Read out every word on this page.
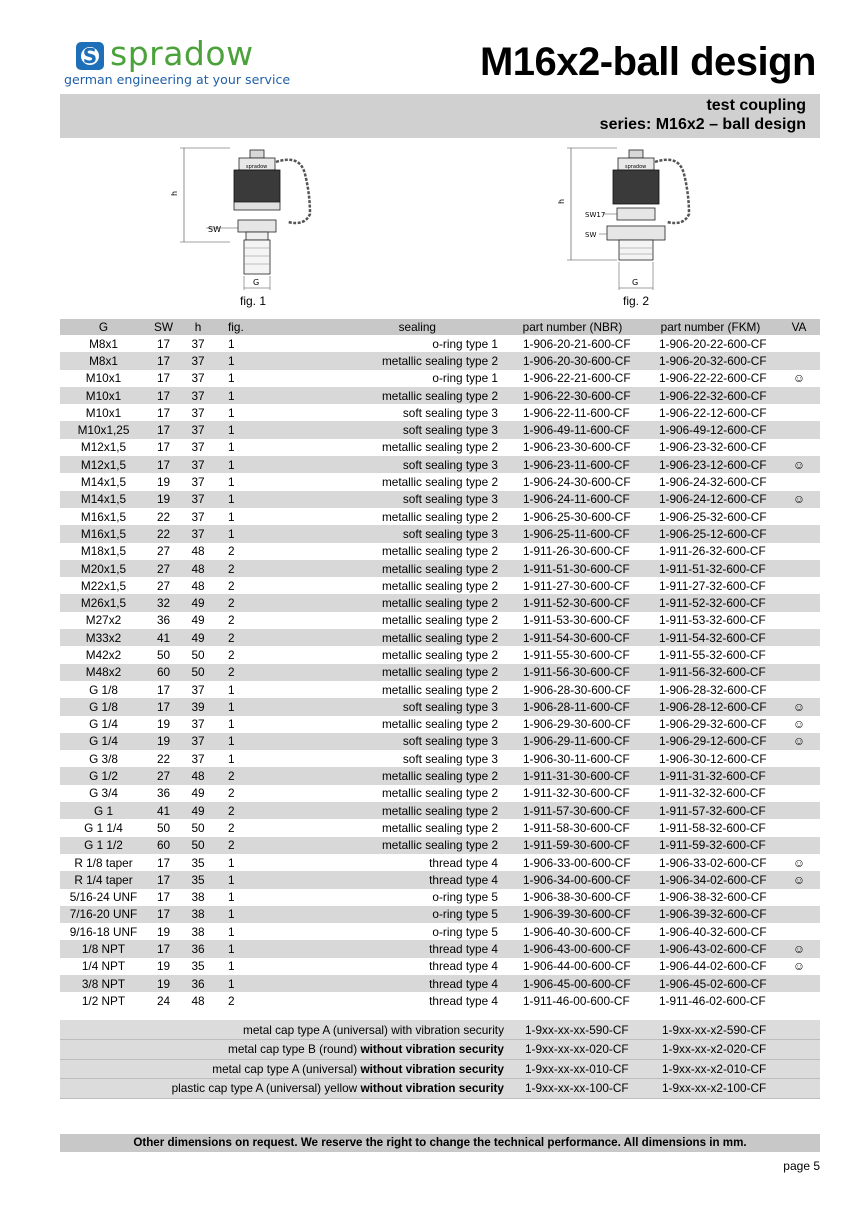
S
spradow
german engineering at your service	M16x2-ball design
test coupling
series: M16x2 – ball design
h
spradow
SW
G
fig. 1
h
spradow
SW17
SW
G
fig. 2
G	SW	h	fig.	sealing	part number (NBR)	part number (FKM)	VA
M8x1	17	37	1	o-ring type 1	1-906-20-21-600-CF	1-906-20-22-600-CF	
M8x1	17	37	1	metallic sealing type 2	1-906-20-30-600-CF	1-906-20-32-600-CF	
M10x1	17	37	1	o-ring type 1	1-906-22-21-600-CF	1-906-22-22-600-CF	☺
M10x1	17	37	1	metallic sealing type 2	1-906-22-30-600-CF	1-906-22-32-600-CF	
M10x1	17	37	1	soft sealing type 3	1-906-22-11-600-CF	1-906-22-12-600-CF	
M10x1,25	17	37	1	soft sealing type 3	1-906-49-11-600-CF	1-906-49-12-600-CF	
M12x1,5	17	37	1	metallic sealing type 2	1-906-23-30-600-CF	1-906-23-32-600-CF	
M12x1,5	17	37	1	soft sealing type 3	1-906-23-11-600-CF	1-906-23-12-600-CF	☺
M14x1,5	19	37	1	metallic sealing type 2	1-906-24-30-600-CF	1-906-24-32-600-CF	
M14x1,5	19	37	1	soft sealing type 3	1-906-24-11-600-CF	1-906-24-12-600-CF	☺
M16x1,5	22	37	1	metallic sealing type 2	1-906-25-30-600-CF	1-906-25-32-600-CF	
M16x1,5	22	37	1	soft sealing type 3	1-906-25-11-600-CF	1-906-25-12-600-CF	
M18x1,5	27	48	2	metallic sealing type 2	1-911-26-30-600-CF	1-911-26-32-600-CF	
M20x1,5	27	48	2	metallic sealing type 2	1-911-51-30-600-CF	1-911-51-32-600-CF	
M22x1,5	27	48	2	metallic sealing type 2	1-911-27-30-600-CF	1-911-27-32-600-CF	
M26x1,5	32	49	2	metallic sealing type 2	1-911-52-30-600-CF	1-911-52-32-600-CF	
M27x2	36	49	2	metallic sealing type 2	1-911-53-30-600-CF	1-911-53-32-600-CF	
M33x2	41	49	2	metallic sealing type 2	1-911-54-30-600-CF	1-911-54-32-600-CF	
M42x2	50	50	2	metallic sealing type 2	1-911-55-30-600-CF	1-911-55-32-600-CF	
M48x2	60	50	2	metallic sealing type 2	1-911-56-30-600-CF	1-911-56-32-600-CF	
G 1/8	17	37	1	metallic sealing type 2	1-906-28-30-600-CF	1-906-28-32-600-CF	
G 1/8	17	39	1	soft sealing type 3	1-906-28-11-600-CF	1-906-28-12-600-CF	☺
G 1/4	19	37	1	metallic sealing type 2	1-906-29-30-600-CF	1-906-29-32-600-CF	☺
G 1/4	19	37	1	soft sealing type 3	1-906-29-11-600-CF	1-906-29-12-600-CF	☺
G 3/8	22	37	1	soft sealing type 3	1-906-30-11-600-CF	1-906-30-12-600-CF	
G 1/2	27	48	2	metallic sealing type 2	1-911-31-30-600-CF	1-911-31-32-600-CF	
G 3/4	36	49	2	metallic sealing type 2	1-911-32-30-600-CF	1-911-32-32-600-CF	
G 1	41	49	2	metallic sealing type 2	1-911-57-30-600-CF	1-911-57-32-600-CF	
G 1 1/4	50	50	2	metallic sealing type 2	1-911-58-30-600-CF	1-911-58-32-600-CF	
G 1 1/2	60	50	2	metallic sealing type 2	1-911-59-30-600-CF	1-911-59-32-600-CF	
R 1/8 taper	17	35	1	thread type 4	1-906-33-00-600-CF	1-906-33-02-600-CF	☺
R 1/4 taper	17	35	1	thread type 4	1-906-34-00-600-CF	1-906-34-02-600-CF	☺
5/16-24 UNF	17	38	1	o-ring type 5	1-906-38-30-600-CF	1-906-38-32-600-CF	
7/16-20 UNF	17	38	1	o-ring type 5	1-906-39-30-600-CF	1-906-39-32-600-CF	
9/16-18 UNF	19	38	1	o-ring type 5	1-906-40-30-600-CF	1-906-40-32-600-CF	
1/8 NPT	17	36	1	thread type 4	1-906-43-00-600-CF	1-906-43-02-600-CF	☺
1/4 NPT	19	35	1	thread type 4	1-906-44-00-600-CF	1-906-44-02-600-CF	☺
3/8 NPT	19	36	1	thread type 4	1-906-45-00-600-CF	1-906-45-02-600-CF	
1/2 NPT	24	48	2	thread type 4	1-911-46-00-600-CF	1-911-46-02-600-CF	
metal cap type A (universal) with vibration security	1-9xx-xx-xx-590-CF	1-9xx-xx-x2-590-CF
metal cap type B (round) without vibration security	1-9xx-xx-xx-020-CF	1-9xx-xx-x2-020-CF
metal cap type A (universal) without vibration security	1-9xx-xx-xx-010-CF	1-9xx-xx-x2-010-CF
plastic cap type A (universal) yellow without vibration security	1-9xx-xx-xx-100-CF	1-9xx-xx-x2-100-CF
Other dimensions on request. We reserve the right to change the technical performance. All dimensions in mm.
page 5
